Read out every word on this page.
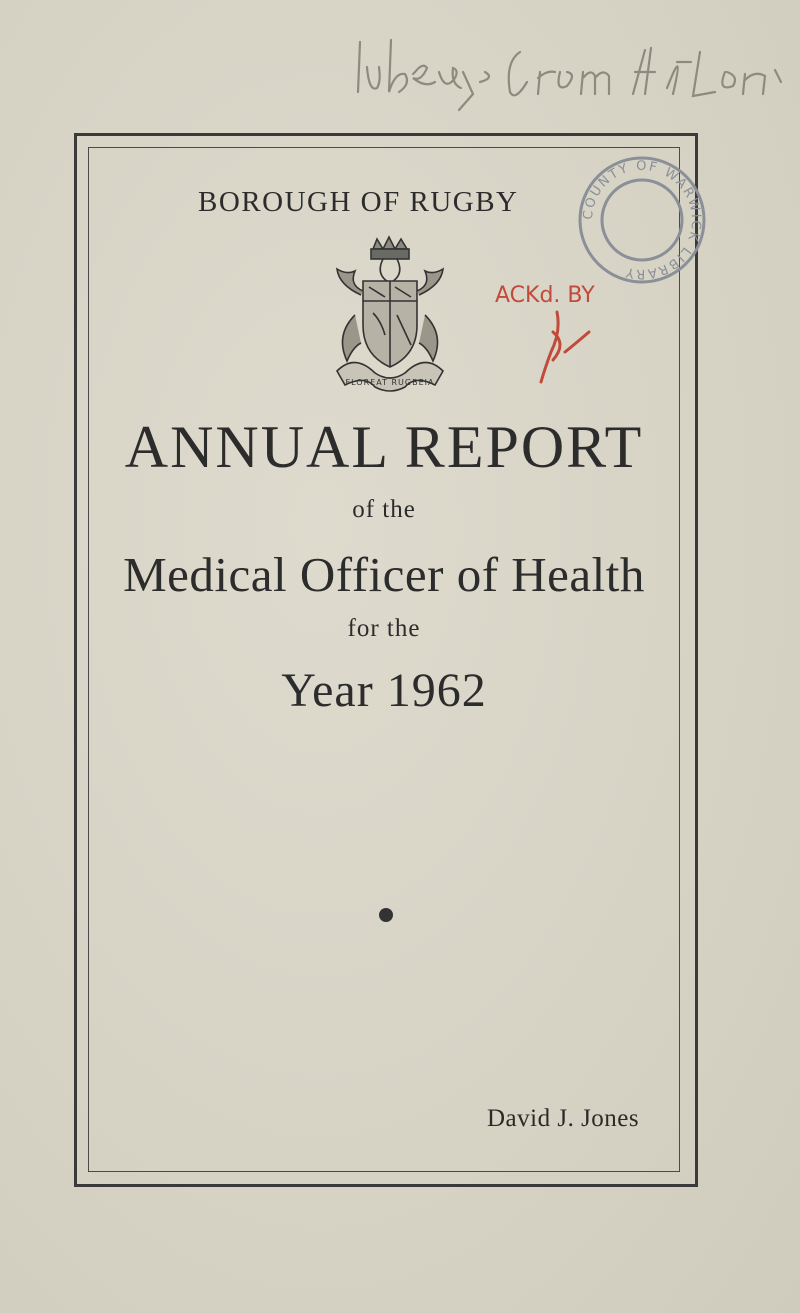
Library from MoH Offices
BOROUGH OF RUGBY	COUNTY OF WARWICK LIBRARY
ACKd. BY
FLOREAT RUGBEIA
ANNUAL REPORT
of the
Medical Officer of Health
for the
Year 1962
David J. Jones
